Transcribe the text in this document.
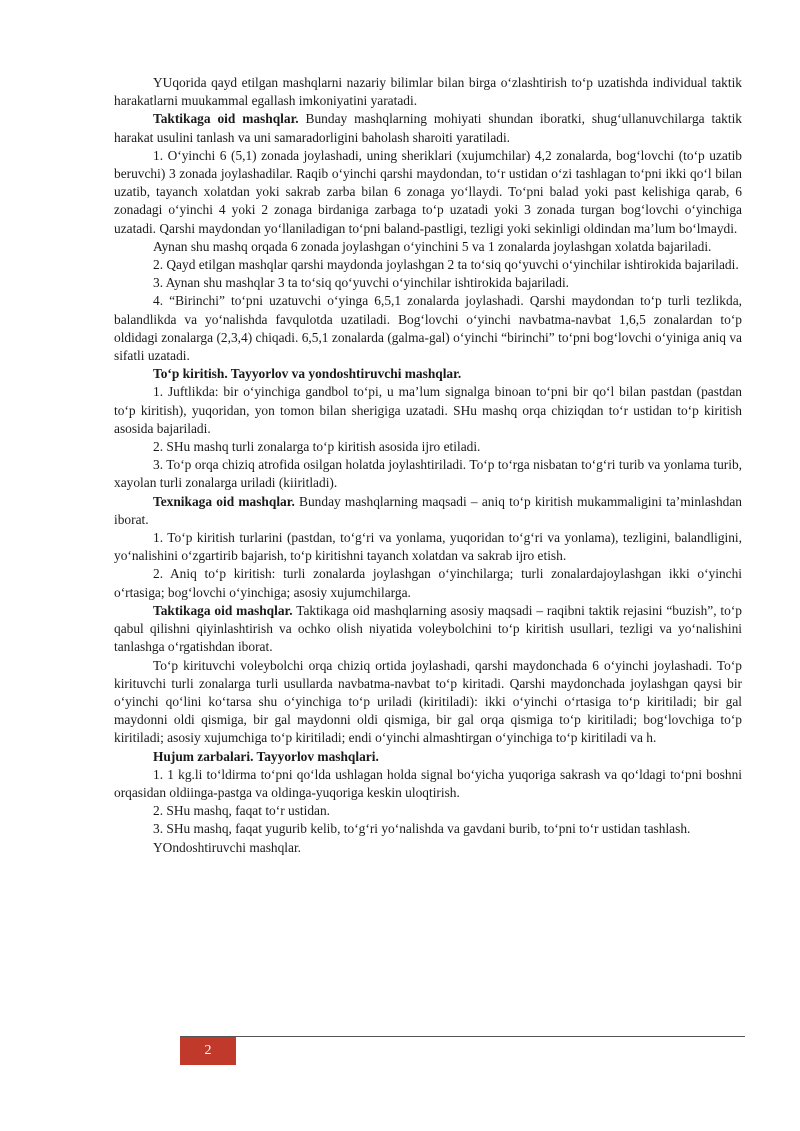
YUqorida qayd etilgan mashqlarni nazariy bilimlar bilan birga oʻzlashtirish toʻp uzatishda individual taktik harakatlarni muukammal egallash imkoniyatini yaratadi.

Taktikaga oid mashqlar. Bunday mashqlarning mohiyati shundan iboratki, shugʻullanuvchilarga taktik harakat usulini tanlash va uni samaradorligini baholash sharoiti yaratiladi.

1. Oʻyinchi 6 (5,1) zonada joylashadi, uning sheriklari (xujumchilar) 4,2 zonalarda, bogʻlovchi (toʻp uzatib beruvchi) 3 zonada joylashadilar. Raqib oʻyinchi qarshi maydondan, toʻr ustidan oʻzi tashlagan toʻpni ikki qoʻl bilan uzatib, tayanch xolatdan yoki sakrab zarba bilan 6 zonaga yoʻllaydi. Toʻpni balad yoki past kelishiga qarab, 6 zonadagi oʻyinchi 4 yoki 2 zonaga birdaniga zarbaga toʻp uzatadi yoki 3 zonada turgan bogʻlovchi oʻyinchiga uzatadi. Qarshi maydondan yoʻllaniladigan toʻpni baland-pastligi, tezligi yoki sekinligi oldindan maʼlum boʻlmaydi.

Aynan shu mashq orqada 6 zonada joylashgan oʻyinchini 5 va 1 zonalarda joylashgan xolatda bajariladi.

2. Qayd etilgan mashqlar qarshi maydonda joylashgan 2 ta toʻsiq qoʻyuvchi oʻyinchilar ishtirokida bajariladi.

3. Aynan shu mashqlar 3 ta toʻsiq qoʻyuvchi oʻyinchilar ishtirokida bajariladi.

4. “Birinchi” toʻpni uzatuvchi oʻyinga 6,5,1 zonalarda joylashadi. Qarshi maydondan toʻp turli tezlikda, balandlikda va yoʻnalishda favqulotda uzatiladi. Bogʻlovchi oʻyinchi navbatma-navbat 1,6,5 zonalardan toʻp oldidagi zonalarga (2,3,4) chiqadi. 6,5,1 zonalarda (galma-gal) oʻyinchi “birinchi” toʻpni bogʻlovchi oʻyiniga aniq va sifatli uzatadi.

Toʻp kiritish. Tayyorlov va yondoshtiruvchi mashqlar.

1. Juftlikda: bir oʻyinchiga gandbol toʻpi, u maʼlum signalga binoan toʻpni bir qoʻl bilan pastdan (pastdan toʻp kiritish), yuqoridan, yon tomon bilan sherigiga uzatadi. SHu mashq orqa chiziqdan toʻr ustidan toʻp kiritish asosida bajariladi.

2. SHu mashq turli zonalarga toʻp kiritish asosida ijro etiladi.

3. Toʻp orqa chiziq atrofida osilgan holatda joylashtiriladi. Toʻp toʻrga nisbatan toʻgʻri turib va yonlama turib, xayolan turli zonalarga uriladi (kiiritladi).

Texnikaga oid mashqlar. Bunday mashqlarning maqsadi – aniq toʻp kiritish mukammaligini taʼminlashdan iborat.

1. Toʻp kiritish turlarini (pastdan, toʻgʻri va yonlama, yuqoridan toʻgʻri va yonlama), tezligini, balandligini, yoʻnalishini oʻzgartirib bajarish, toʻp kiritishni tayanch xolatdan va sakrab ijro etish.

2. Aniq toʻp kiritish: turli zonalarda joylashgan oʻyinchilarga; turli zonalardajoylashgan ikki oʻyinchi oʻrtasiga; bogʻlovchi oʻyinchiga; asosiy xujumchilarga.

Taktikaga oid mashqlar. Taktikaga oid mashqlarning asosiy maqsadi – raqibni taktik rejasini “buzish”, toʻp qabul qilishni qiyinlashtirish va ochko olish niyatida voleybolchini toʻp kiritish usullari, tezligi va yoʻnalishini tanlashga oʻrgatishdan iborat.

Toʻp kirituvchi voleybolchi orqa chiziq ortida joylashadi, qarshi maydonchada 6 oʻyinchi joylashadi. Toʻp kirituvchi turli zonalarga turli usullarda navbatma-navbat toʻp kiritadi. Qarshi maydonchada joylashgan qaysi bir oʻyinchi qoʻlini koʻtarsa shu oʻyinchiga toʻp uriladi (kiritiladi): ikki oʻyinchi oʻrtasiga toʻp kiritiladi; bir gal maydonni oldi qismiga, bir gal maydonni oldi qismiga, bir gal orqa qismiga toʻp kiritiladi; bogʻlovchiga toʻp kiritiladi; asosiy xujumchiga toʻp kiritiladi; endi oʻyinchi almashtirgan oʻyinchiga toʻp kiritiladi va h.

Hujum zarbalari. Tayyorlov mashqlari.

1. 1 kg.li toʻldirma toʻpni qoʻlda ushlagan holda signal boʻyicha yuqoriga sakrash va qoʻldagi toʻpni boshni orqasidan oldiinga-pastga va oldinga-yuqoriga keskin uloqtirish.

2. SHu mashq, faqat toʻr ustidan.

3. SHu mashq, faqat yugurib kelib, toʻgʻri yoʻnalishda va gavdani burib, toʻpni toʻr ustidan tashlash.

YOndoshtiruvchi mashqlar.

2
